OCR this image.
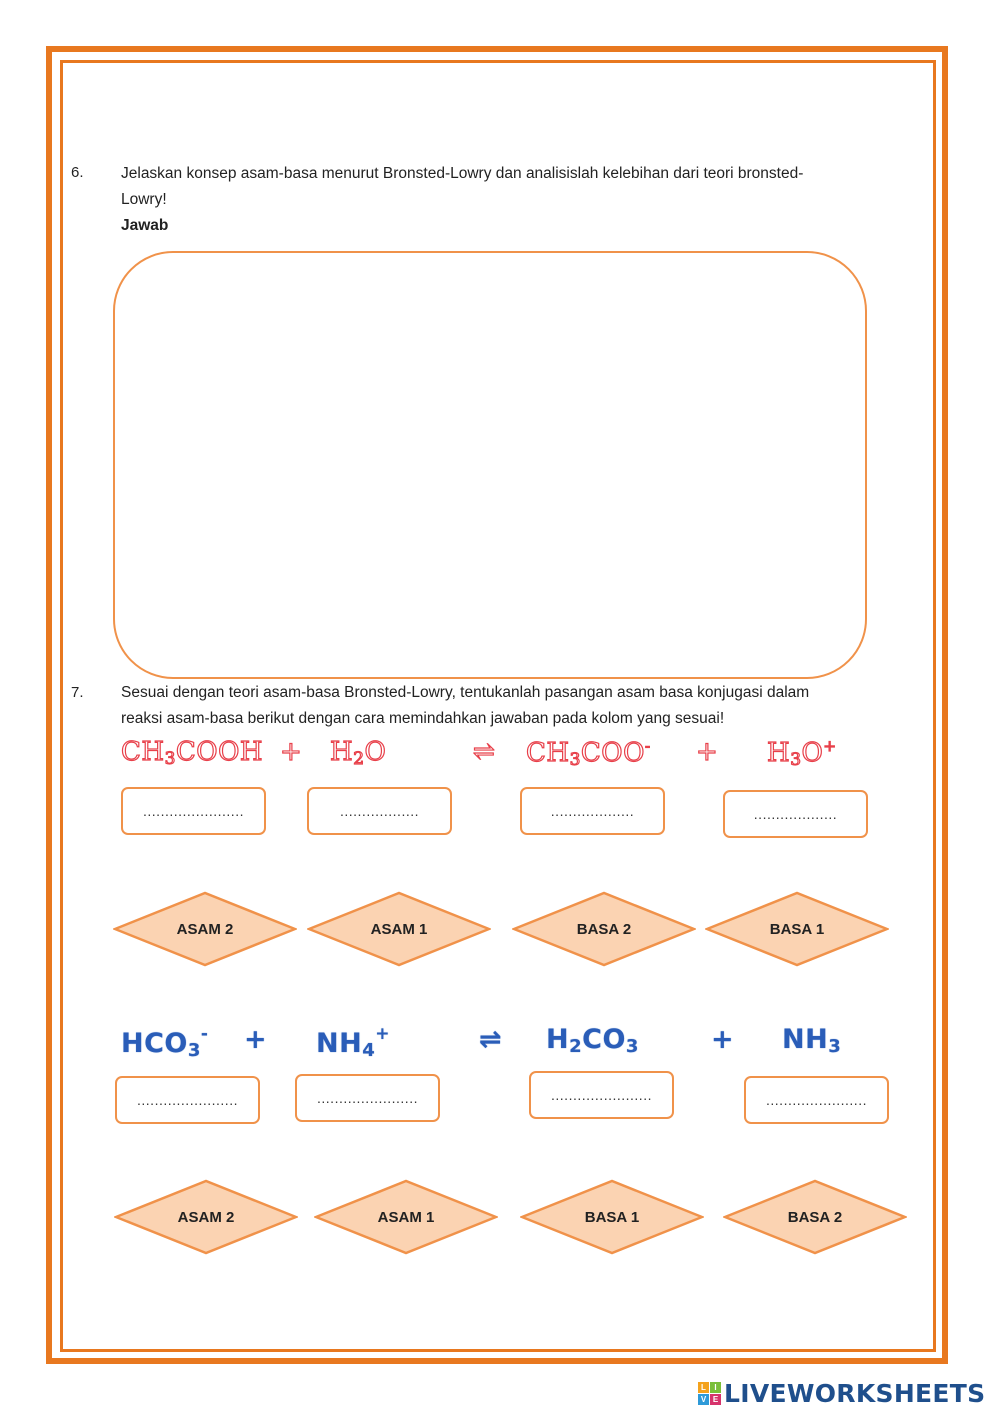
6. Jelaskan konsep asam-basa menurut Bronsted-Lowry dan analisislah kelebihan dari teori bronsted-
Lowry!
Jawab
7. Sesuai dengan teori asam-basa Bronsted-Lowry, tentukanlah pasangan asam basa konjugasi dalam
reaksi asam-basa berikut dengan cara memindahkan jawaban pada kolom yang sesuai!
$CH_3COOH + H_2O$	⇌ $CH_3COO^- + H_3O^+$
.......................	..................	...................	...................
ASAM 2	ASAM 1	BASA 2	BASA 1
$HCO_3^- + NH_4^+$	⇌ $H_2CO_3$	+ $NH_3$
.......................	.......................	.......................	.......................
ASAM 2	ASAM 1	BASA 1	BASA 2
L	I
V E LIVEWORKSHEETS
